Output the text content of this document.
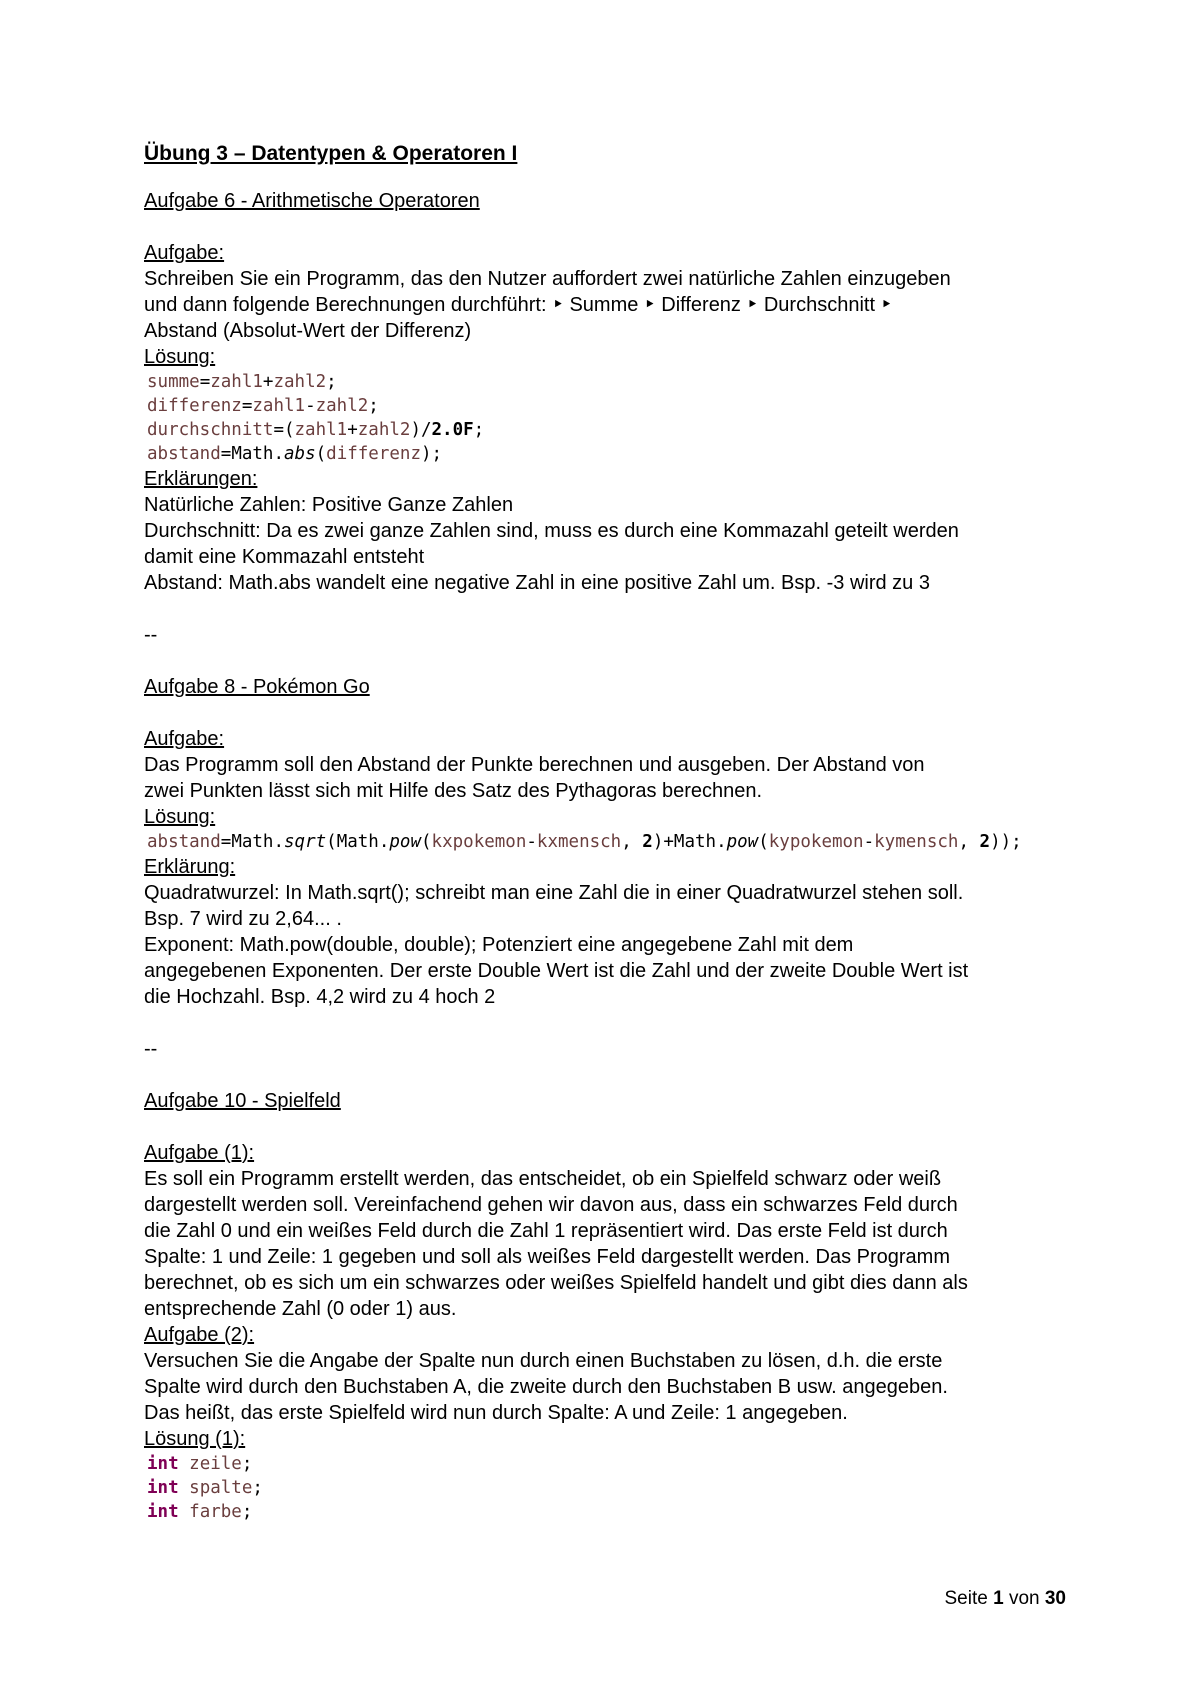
Übung 3 – Datentypen & Operatoren I

Aufgabe 6 - Arithmetische Operatoren

Aufgabe:

Schreiben Sie ein Programm, das den Nutzer auffordert zwei natürliche Zahlen einzugeben

und dann folgende Berechnungen durchführt: ‣ Summe ‣ Differenz ‣ Durchschnitt ‣

Abstand (Absolut-Wert der Differenz)

Lösung:

summe=zahl1+zahl2;

differenz=zahl1-zahl2;

durchschnitt=(zahl1+zahl2)/2.0F;

abstand=Math.abs(differenz);

Erklärungen:

Natürliche Zahlen: Positive Ganze Zahlen

Durchschnitt: Da es zwei ganze Zahlen sind, muss es durch eine Kommazahl geteilt werden

damit eine Kommazahl entsteht

Abstand: Math.abs wandelt eine negative Zahl in eine positive Zahl um. Bsp. -3 wird zu 3

--

Aufgabe 8 - Pokémon Go

Aufgabe:

Das Programm soll den Abstand der Punkte berechnen und ausgeben. Der Abstand von

zwei Punkten lässt sich mit Hilfe des Satz des Pythagoras berechnen.

Lösung:

abstand=Math.sqrt(Math.pow(kxpokemon-kxmensch, 2)+Math.pow(kypokemon-kymensch, 2));

Erklärung:

Quadratwurzel: In Math.sqrt(); schreibt man eine Zahl die in einer Quadratwurzel stehen soll.

Bsp. 7 wird zu 2,64... .

Exponent: Math.pow(double, double); Potenziert eine angegebene Zahl mit dem

angegebenen Exponenten. Der erste Double Wert ist die Zahl und der zweite Double Wert ist

die Hochzahl. Bsp. 4,2 wird zu 4 hoch 2

--

Aufgabe 10 - Spielfeld

Aufgabe (1):

Es soll ein Programm erstellt werden, das entscheidet, ob ein Spielfeld schwarz oder weiß

dargestellt werden soll. Vereinfachend gehen wir davon aus, dass ein schwarzes Feld durch

die Zahl 0 und ein weißes Feld durch die Zahl 1 repräsentiert wird. Das erste Feld ist durch

Spalte: 1 und Zeile: 1 gegeben und soll als weißes Feld dargestellt werden. Das Programm

berechnet, ob es sich um ein schwarzes oder weißes Spielfeld handelt und gibt dies dann als

entsprechende Zahl (0 oder 1) aus.

Aufgabe (2):

Versuchen Sie die Angabe der Spalte nun durch einen Buchstaben zu lösen, d.h. die erste

Spalte wird durch den Buchstaben A, die zweite durch den Buchstaben B usw. angegeben.

Das heißt, das erste Spielfeld wird nun durch Spalte: A und Zeile: 1 angegeben.

Lösung (1):

int zeile;

int spalte;

int farbe;

Seite 1 von 30
